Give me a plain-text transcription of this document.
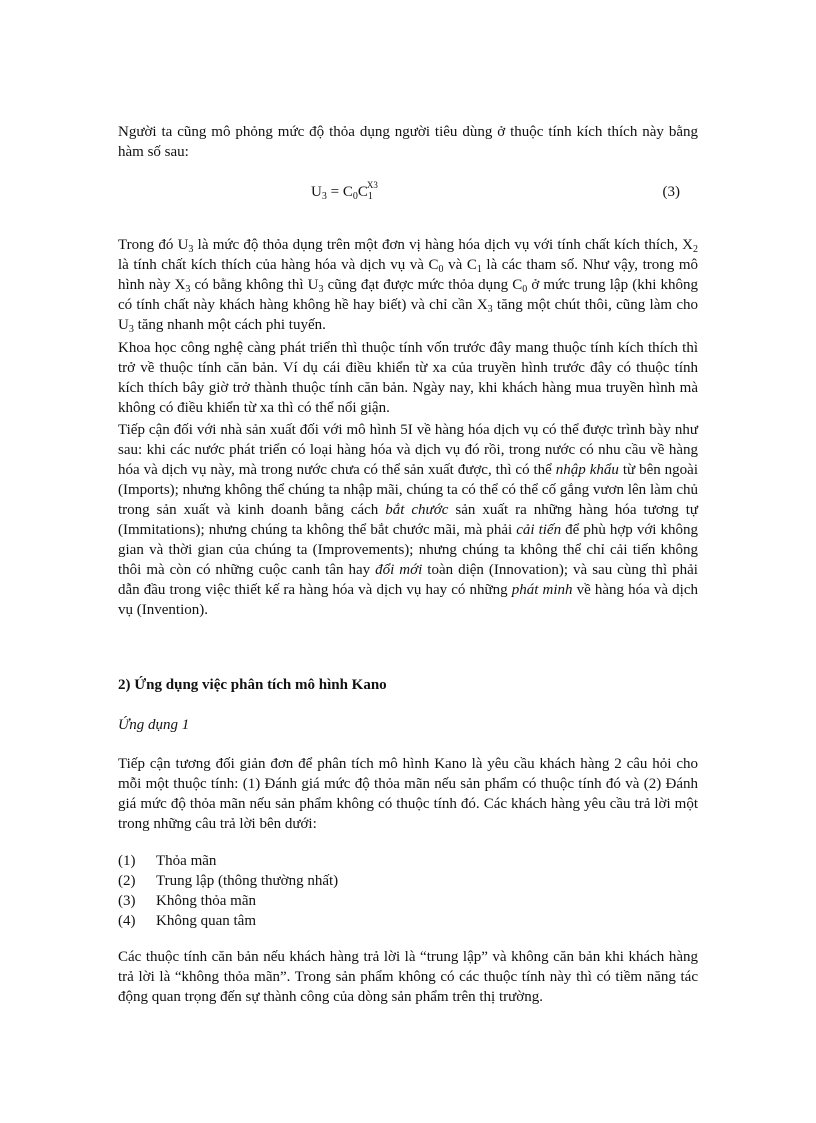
Người ta cũng mô phỏng mức độ thỏa dụng người tiêu dùng ở thuộc tính kích thích này bằng hàm số sau:

$U_3 = C_0C_1$
X3	(3)

Trong đó $U_3$ là mức độ thỏa dụng trên một đơn vị hàng hóa dịch vụ với tính chất kích thích, $X_2$ là tính chất kích thích của hàng hóa và dịch vụ và $C_0$ và $C_1$ là các tham số. Như vậy, trong mô hình này $X_3$ có bằng không thì $U_3$ cũng đạt được mức thỏa dụng $C_0$ ở mức trung lập (khi không có tính chất này khách hàng không hề hay biết) và chỉ cần $X_3$ tăng một chút thôi, cũng làm cho $U_3$ tăng nhanh một cách phi tuyến.

Khoa học công nghệ càng phát triển thì thuộc tính vốn trước đây mang thuộc tính kích thích thì trở về thuộc tính căn bản. Ví dụ cái điều khiển từ xa của truyền hình trước đây có thuộc tính kích thích bây giờ trở thành thuộc tính căn bản. Ngày nay, khi khách hàng mua truyền hình mà không có điều khiển từ xa thì có thể nổi giận.

Tiếp cận đối với nhà sản xuất đối với mô hình 5I về hàng hóa dịch vụ có thể được trình bày như sau: khi các nước phát triển có loại hàng hóa và dịch vụ đó rồi, trong nước có nhu cầu về hàng hóa và dịch vụ này, mà trong nước chưa có thể sản xuất được, thì có thể nhập khẩu từ bên ngoài (Imports); nhưng không thể chúng ta nhập mãi, chúng ta có thể có thể cố gắng vươn lên làm chủ trong sản xuất và kinh doanh bằng cách bắt chước sản xuất ra những hàng hóa tương tự (Immitations); nhưng chúng ta không thể bắt chước mãi, mà phải cải tiến để phù hợp với không gian và thời gian của chúng ta (Improvements); nhưng chúng ta không thể chỉ cải tiến không thôi mà còn có những cuộc canh tân hay đổi mới toàn diện (Innovation); và sau cùng thì phải dẫn đầu trong việc thiết kế ra hàng hóa và dịch vụ hay có những phát minh về hàng hóa và dịch vụ (Invention).

2) Ứng dụng việc phân tích mô hình Kano
Ứng dụng 1

Tiếp cận tương đối giản đơn để phân tích mô hình Kano là yêu cầu khách hàng 2 câu hỏi cho mỗi một thuộc tính: (1) Đánh giá mức độ thỏa mãn nếu sản phẩm có thuộc tính đó và (2) Đánh giá mức độ thỏa mãn nếu sản phẩm không có thuộc tính đó. Các khách hàng yêu cầu trả lời một trong những câu trả lời bên dưới:

(1)	Thỏa mãn
(2)	Trung lập (thông thường nhất)
(3)	Không thỏa mãn
(4)	Không quan tâm

Các thuộc tính căn bản nếu khách hàng trả lời là “trung lập” và không căn bản khi khách hàng trả lời là “không thỏa mãn”. Trong sản phẩm không có các thuộc tính này thì có tiềm năng tác động quan trọng đến sự thành công của dòng sản phẩm trên thị trường.
